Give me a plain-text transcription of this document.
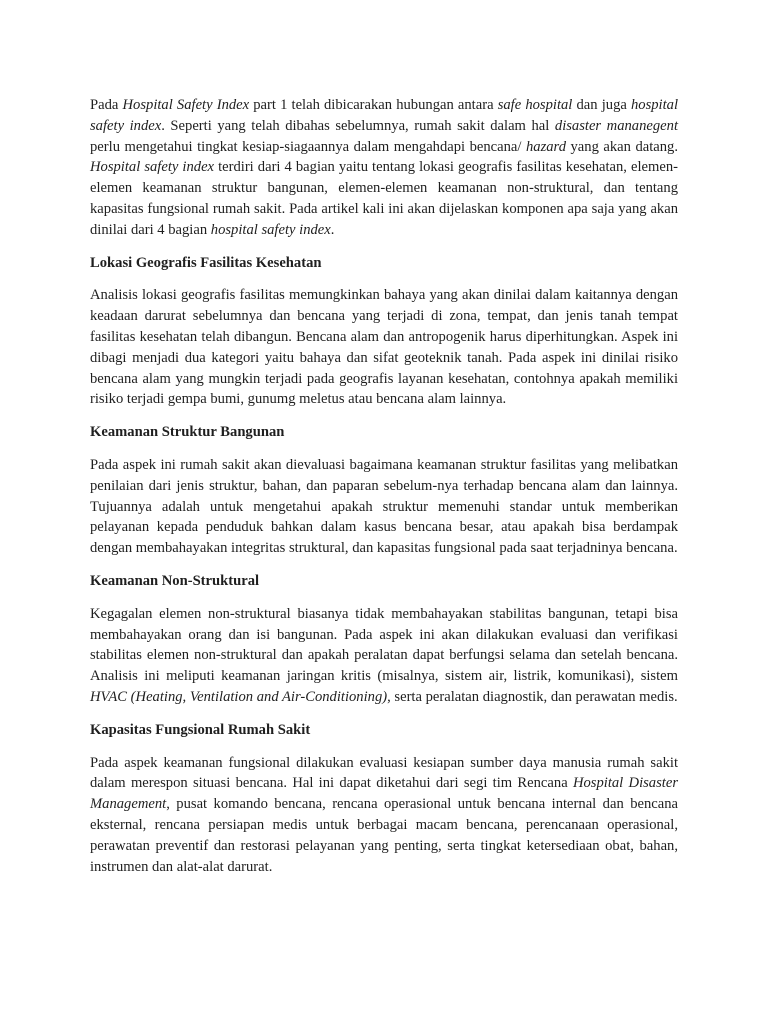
Pada Hospital Safety Index part 1 telah dibicarakan hubungan antara safe hospital dan juga hospital safety index. Seperti yang telah dibahas sebelumnya, rumah sakit dalam hal disaster mananegent perlu mengetahui tingkat kesiap-siagaannya dalam mengahdapi bencana/ hazard yang akan datang. Hospital safety index terdiri dari 4 bagian yaitu tentang lokasi geografis fasilitas kesehatan, elemen-elemen keamanan struktur bangunan, elemen-elemen keamanan non-struktural, dan tentang kapasitas fungsional rumah sakit. Pada artikel kali ini akan dijelaskan komponen apa saja yang akan dinilai dari 4 bagian hospital safety index.

Lokasi Geografis Fasilitas Kesehatan

Analisis lokasi geografis fasilitas memungkinkan bahaya yang akan dinilai dalam kaitannya dengan keadaan darurat sebelumnya dan bencana yang terjadi di zona, tempat, dan jenis tanah tempat fasilitas kesehatan telah dibangun. Bencana alam dan antropogenik harus diperhitungkan. Aspek ini dibagi menjadi dua kategori yaitu bahaya dan sifat geoteknik tanah. Pada aspek ini dinilai risiko bencana alam yang mungkin terjadi pada geografis layanan kesehatan, contohnya apakah memiliki risiko terjadi gempa bumi, gunumg meletus atau bencana alam lainnya.

Keamanan Struktur Bangunan

Pada aspek ini rumah sakit akan dievaluasi bagaimana keamanan struktur fasilitas yang melibatkan penilaian dari jenis struktur, bahan, dan paparan sebelum-nya terhadap bencana alam dan lainnya. Tujuannya adalah untuk mengetahui apakah struktur memenuhi standar untuk memberikan pelayanan kepada penduduk bahkan dalam kasus bencana besar, atau apakah bisa berdampak dengan membahayakan integritas struktural, dan kapasitas fungsional pada saat terjadninya bencana.

Keamanan Non-Struktural

Kegagalan elemen non-struktural biasanya tidak membahayakan stabilitas bangunan, tetapi bisa membahayakan orang dan isi bangunan. Pada aspek ini akan dilakukan evaluasi dan verifikasi stabilitas elemen non-struktural dan apakah peralatan dapat berfungsi selama dan setelah bencana. Analisis ini meliputi keamanan jaringan kritis (misalnya, sistem air, listrik, komunikasi), sistem HVAC (Heating, Ventilation and Air-Conditioning), serta peralatan diagnostik, dan perawatan medis.

Kapasitas Fungsional Rumah Sakit

Pada aspek keamanan fungsional dilakukan evaluasi kesiapan sumber daya manusia rumah sakit dalam merespon situasi bencana. Hal ini dapat diketahui dari segi tim Rencana Hospital Disaster Management, pusat komando bencana, rencana operasional untuk bencana internal dan bencana eksternal, rencana persiapan medis untuk berbagai macam bencana, perencanaan operasional, perawatan preventif dan restorasi pelayanan yang penting, serta tingkat ketersediaan obat, bahan, instrumen dan alat-alat darurat.
